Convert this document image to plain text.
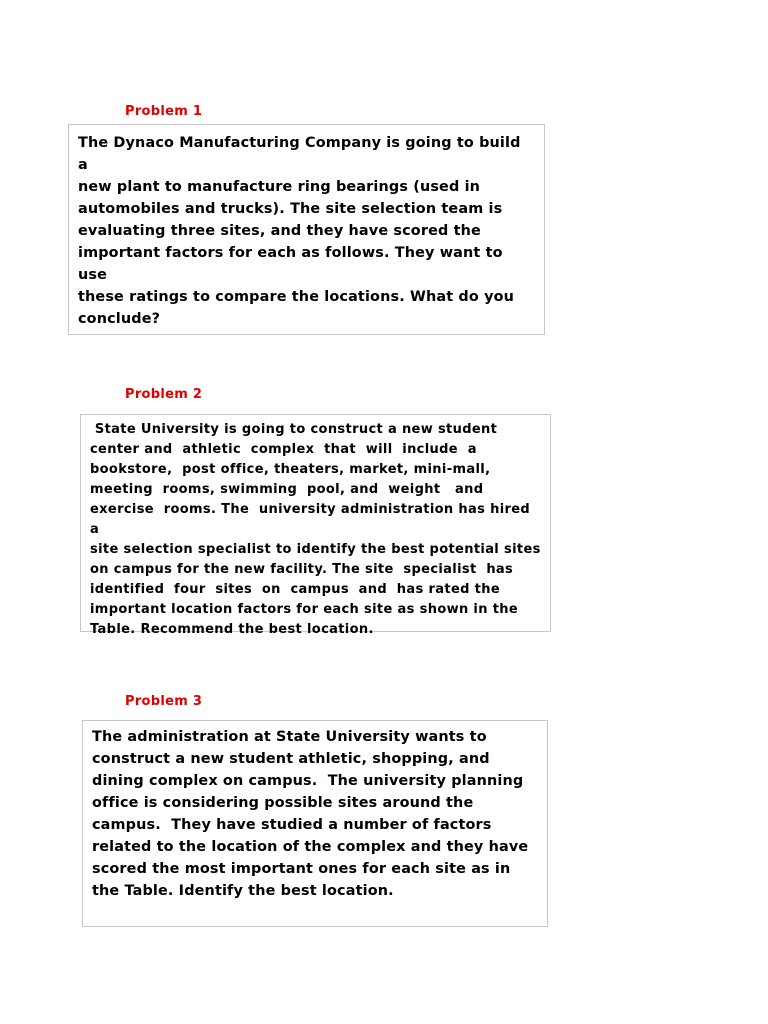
Problem 1

The Dynaco Manufacturing Company is going to build a
new plant to manufacture ring bearings (used in
automobiles and trucks). The site selection team is
evaluating three sites, and they have scored the
important factors for each as follows. They want to use
these ratings to compare the locations. What do you
conclude?

Problem 2

State University is going to construct a new student
center and  athletic  complex  that  will  include  a
bookstore,  post office, theaters, market, mini-mall,
meeting  rooms, swimming  pool, and  weight   and
exercise  rooms. The  university administration has hired a
site selection specialist to identify the best potential sites
on campus for the new facility. The site  specialist  has
identified  four  sites  on  campus  and  has rated the
important location factors for each site as shown in the
Table. Recommend the best location.

Problem 3

The administration at State University wants to
construct a new student athletic, shopping, and
dining complex on campus.  The university planning
office is considering possible sites around the
campus.  They have studied a number of factors
related to the location of the complex and they have
scored the most important ones for each site as in
the Table. Identify the best location.
